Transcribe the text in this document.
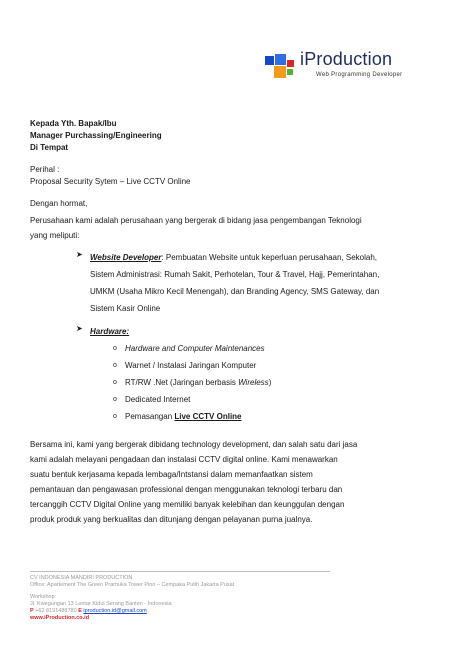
iProduction
Web Programming Developer

Kepada Yth. Bapak/Ibu

Manager Purchassing/Engineering

Di Tempat

Perihal :

Proposal Security Sytem – Live CCTV Online

Dengan hormat,

Perusahaan kami adalah perusahaan yang bergerak di bidang jasa pengembangan Teknologi

yang meliputi:

➤ Website Developer: Pembuatan Website untuk keperluan perusahaan, Sekolah,
Sistem Administrasi: Rumah Sakit, Perhotelan, Tour & Travel, Hajj, Pemerintahan,
UMKM (Usaha Mikro Kecil Menengah), dan Branding Agency, SMS Gateway, dan
Sistem Kasir Online
➤ Hardware:
o Hardware and Computer Maintenances
o Warnet / Instalasi Jaringan Komputer
o RT/RW .Net (Jaringan berbasis Wireless)
o Dedicated Internet
o Pemasangan Live CCTV Online
Bersama ini, kami yang bergerak dibidang technology development, dan salah satu dari jasa
kami adalah melayani pengadaan dan instalasi CCTV digital online. Kami menawarkan
suatu bentuk kerjasama kepada lembaga/Intstansi dalam memanfaatkan sistem
pemantauan dan pengawasan professional dengan menggunakan teknologi terbaru dan
tercanggih CCTV Digital Online yang memiliki banyak kelebihan dan keunggulan dengan
produk produk yang berkualitas dan ditunjang dengan pelayanan purna jualnya.
CV INDONESIA MANDIRI PRODUCTION
Office: Apartement The Green Pramuka Tower Pino – Cempaka Putih Jakarta Pusat
Workshop:
Jl. Kwegungan 13 Lontar Kidul Serang Banten - Indonesia
P +62 8191488780 E iproduction.id@gmail.com
www.iProduction.co.id
